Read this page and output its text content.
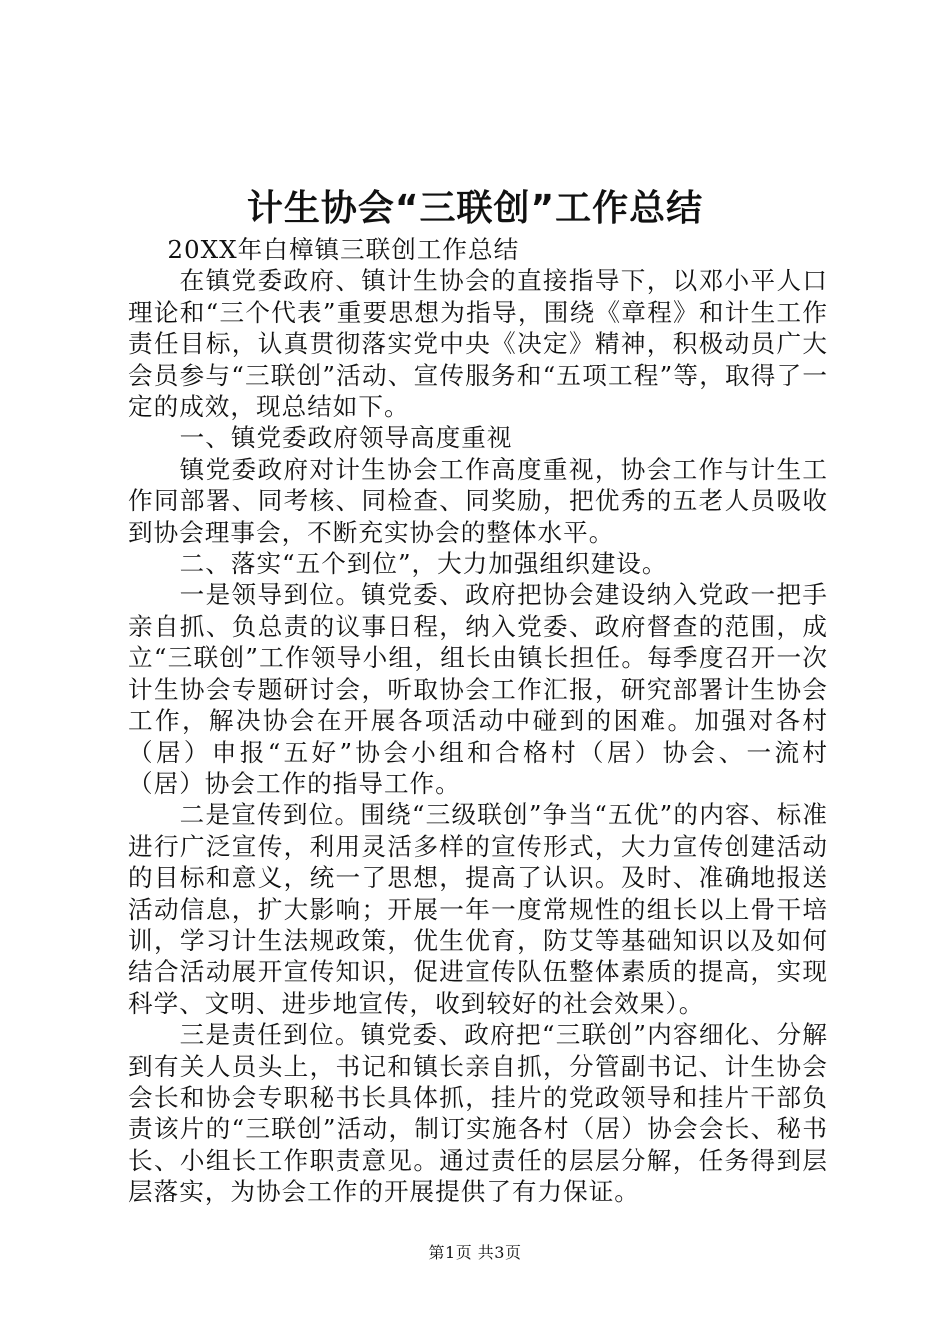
计生协会“三联创”工作总结

20XX年白樟镇三联创工作总结

在镇党委政府、镇计生协会的直接指导下，以邓小平人口理论和“三个代表”重要思想为指导，围绕《章程》和计生工作责任目标，认真贯彻落实党中央《决定》精神，积极动员广大会员参与“三联创”活动、宣传服务和“五项工程”等，取得了一定的成效，现总结如下。

一、镇党委政府领导高度重视

镇党委政府对计生协会工作高度重视，协会工作与计生工作同部署、同考核、同检查、同奖励，把优秀的五老人员吸收到协会理事会，不断充实协会的整体水平。

二、落实“五个到位”，大力加强组织建设。

一是领导到位。镇党委、政府把协会建设纳入党政一把手亲自抓、负总责的议事日程，纳入党委、政府督查的范围，成立“三联创”工作领导小组，组长由镇长担任。每季度召开一次计生协会专题研讨会，听取协会工作汇报，研究部署计生协会工作，解决协会在开展各项活动中碰到的困难。加强对各村（居）申报“五好”协会小组和合格村（居）协会、一流村（居）协会工作的指导工作。

二是宣传到位。围绕“三级联创”争当“五优”的内容、标准进行广泛宣传，利用灵活多样的宣传形式，大力宣传创建活动的目标和意义，统一了思想，提高了认识。及时、准确地报送活动信息，扩大影响；开展一年一度常规性的组长以上骨干培训，学习计生法规政策，优生优育，防艾等基础知识以及如何结合活动展开宣传知识，促进宣传队伍整体素质的提高，实现科学、文明、进步地宣传，收到较好的社会效果）。

三是责任到位。镇党委、政府把“三联创”内容细化、分解到有关人员头上，书记和镇长亲自抓，分管副书记、计生协会会长和协会专职秘书长具体抓，挂片的党政领导和挂片干部负责该片的“三联创”活动，制订实施各村（居）协会会长、秘书长、小组长工作职责意见。通过责任的层层分解，任务得到层层落实，为协会工作的开展提供了有力保证。

第1页 共3页
